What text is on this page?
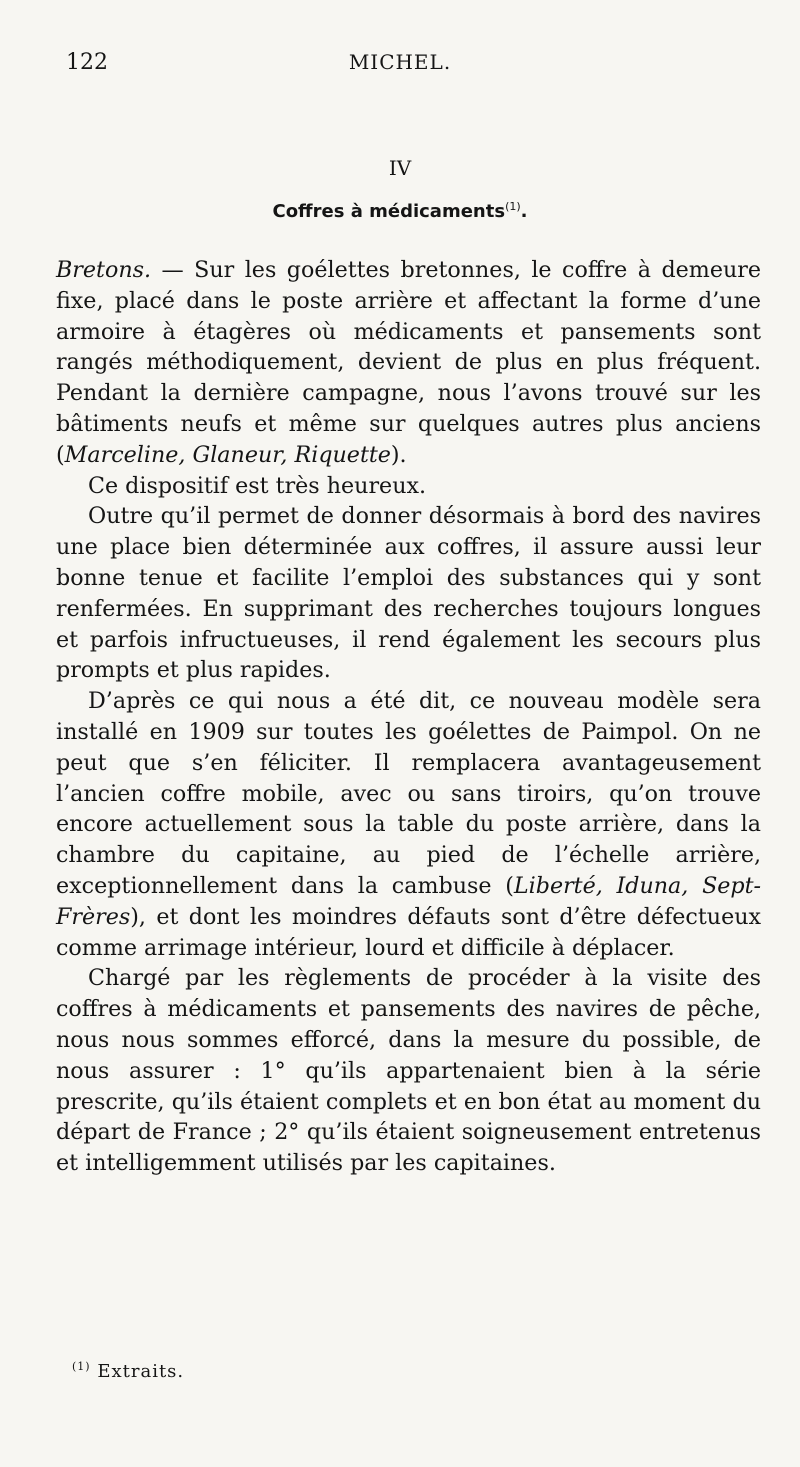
122	MICHEL.
IV
Coffres à médicaments$^{(1)}$.

Bretons. — Sur les goélettes bretonnes, le coffre à demeure fixe, placé dans le poste arrière et affectant la forme d’une armoire à étagères où médicaments et pansements sont rangés méthodiquement, devient de plus en plus fréquent. Pendant la dernière campagne, nous l’avons trouvé sur les bâtiments neufs et même sur quelques autres plus anciens (Marceline, Glaneur, Riquette).

Ce dispositif est très heureux.

Outre qu’il permet de donner désormais à bord des navires une place bien déterminée aux coffres, il assure aussi leur bonne tenue et facilite l’emploi des substances qui y sont renfermées. En supprimant des recherches toujours longues et parfois infructueuses, il rend également les secours plus prompts et plus rapides.

D’après ce qui nous a été dit, ce nouveau modèle sera installé en 1909 sur toutes les goélettes de Paimpol. On ne peut que s’en féliciter. Il remplacera avantageusement l’ancien coffre mobile, avec ou sans tiroirs, qu’on trouve encore actuellement sous la table du poste arrière, dans la chambre du capitaine, au pied de l’échelle arrière, exceptionnellement dans la cambuse (Liberté, Iduna, Sept-Frères), et dont les moindres défauts sont d’être défectueux comme arrimage intérieur, lourd et difficile à déplacer.

Chargé par les règlements de procéder à la visite des coffres à médicaments et pansements des navires de pêche, nous nous sommes efforcé, dans la mesure du possible, de nous assurer : 1° qu’ils appartenaient bien à la série prescrite, qu’ils étaient complets et en bon état au moment du départ de France ; 2° qu’ils étaient soigneusement entretenus et intelligemment utilisés par les capitaines.

$^{(1)}$ Extraits.
